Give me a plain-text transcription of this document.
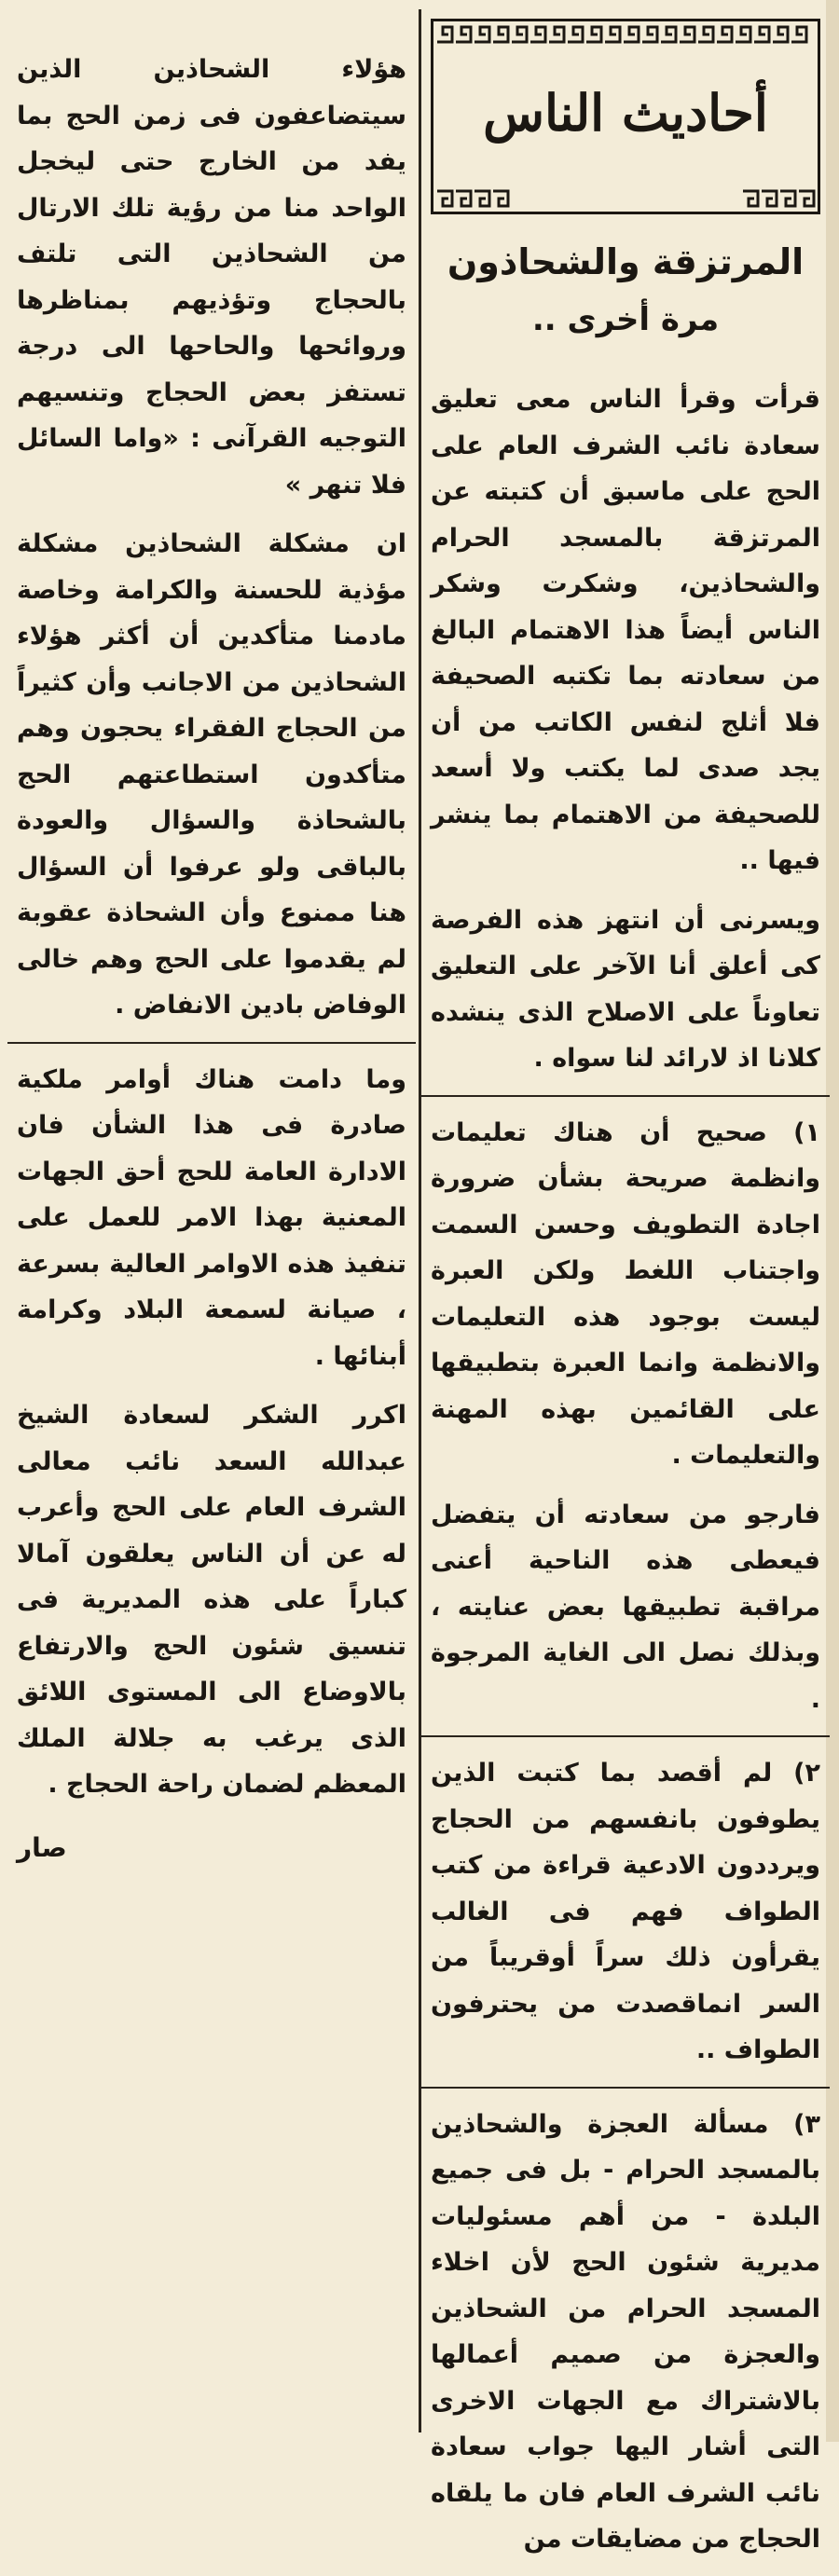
أحاديث الناس
المرتزقة والشحاذون
مرة أخرى ..

قرأت وقرأ الناس معى تعليق سعادة نائب الشرف العام على الحج على ماسبق أن كتبته عن المرتزقة بالمسجد الحرام والشحاذين، وشكرت وشكر الناس أيضاً هذا الاهتمام البالغ من سعادته بما تكتبه الصحيفة فلا أثلج لنفس الكاتب من أن يجد صدى لما يكتب ولا أسعد للصحيفة من الاهتمام بما ينشر فيها ..

ويسرنى أن انتهز هذه الفرصة كى أعلق أنا الآخر على التعليق تعاوناً على الاصلاح الذى ينشده كلانا اذ لارائد لنا سواه .

١) صحيح أن هناك تعليمات وانظمة صريحة بشأن ضرورة اجادة التطويف وحسن السمت واجتناب اللغط ولكن العبرة ليست بوجود هذه التعليمات والانظمة وانما العبرة بتطبيقها على القائمين بهذه المهنة والتعليمات .

فارجو من سعادته أن يتفضل فيعطى هذه الناحية أعنى مراقبة تطبيقها بعض عنايته ، وبذلك نصل الى الغاية المرجوة .

٢) لم أقصد بما كتبت الذين يطوفون بانفسهم من الحجاج ويرددون الادعية قراءة من كتب الطواف فهم فى الغالب يقرأون ذلك سراً أوقريباً من السر انماقصدت من يحترفون الطواف ..

٣) مسألة العجزة والشحاذين بالمسجد الحرام - بل فى جميع البلدة - من أهم مسئوليات مديرية شئون الحج لأن اخلاء المسجد الحرام من الشحاذين والعجزة من صميم أعمالها بالاشتراك مع الجهات الاخرى التى أشار اليها جواب سعادة نائب الشرف العام فان ما يلقاه الحجاج من مضايقات من

هؤلاء الشحاذين الذين سيتضاعفون فى زمن الحج بما يفد من الخارج حتى ليخجل الواحد منا من رؤية تلك الارتال من الشحاذين التى تلتف بالحجاج وتؤذيهم بمناظرها وروائحها والحاحها الى درجة تستفز بعض الحجاج وتنسيهم التوجيه القرآنى : «واما السائل فلا تنهر »

ان مشكلة الشحاذين مشكلة مؤذية للحسنة والكرامة وخاصة مادمنا متأكدين أن أكثر هؤلاء الشحاذين من الاجانب وأن كثيراً من الحجاج الفقراء يحجون وهم متأكدون استطاعتهم الحج بالشحاذة والسؤال والعودة بالباقى ولو عرفوا أن السؤال هنا ممنوع وأن الشحاذة عقوبة لم يقدموا على الحج وهم خالى الوفاض بادين الانفاض .

وما دامت هناك أوامر ملكية صادرة فى هذا الشأن فان الادارة العامة للحج أحق الجهات المعنية بهذا الامر للعمل على تنفيذ هذه الاوامر العالية بسرعة ، صيانة لسمعة البلاد وكرامة أبنائها .

اكرر الشكر لسعادة الشيخ عبدالله السعد نائب معالى الشرف العام على الحج وأعرب له عن أن الناس يعلقون آمالا كباراً على هذه المديرية فى تنسيق شئون الحج والارتفاع بالاوضاع الى المستوى اللائق الذى يرغب به جلالة الملك المعظم لضمان راحة الحجاج .

صار
